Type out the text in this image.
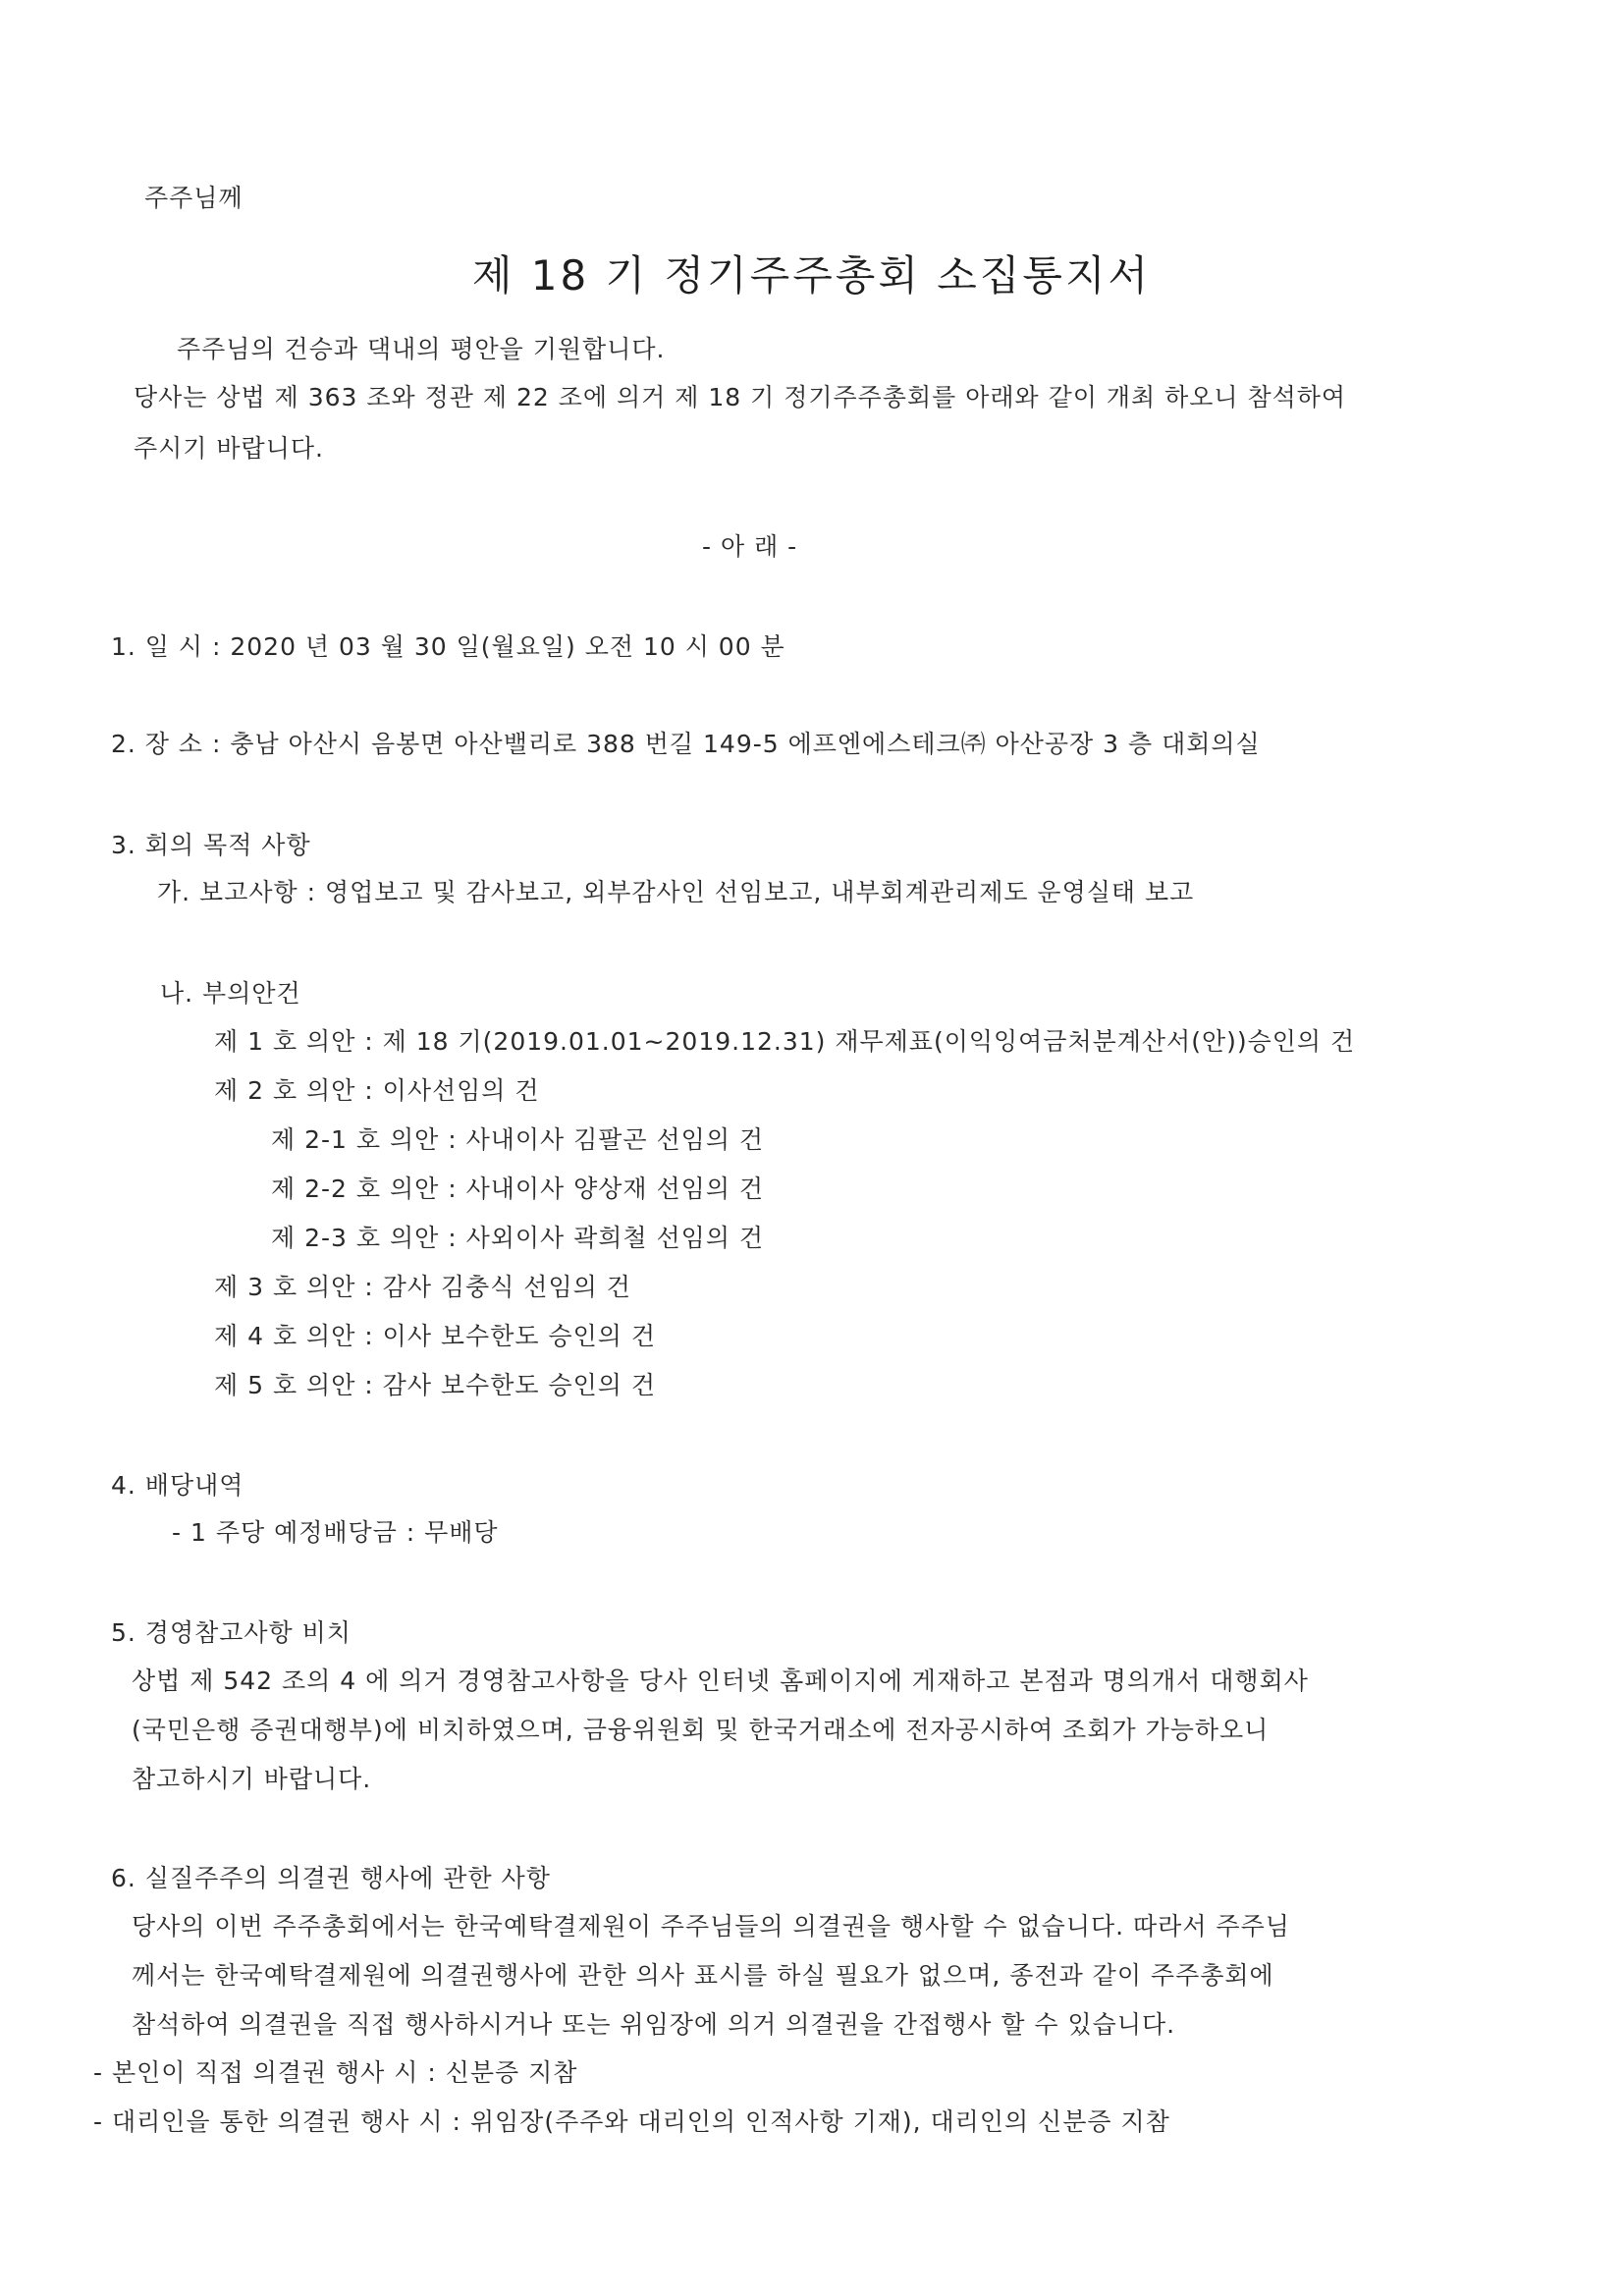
주주님께
제 18 기 정기주주총회 소집통지서
주주님의 건승과 댁내의 평안을 기원합니다.
당사는 상법 제 363 조와 정관 제 22 조에 의거 제 18 기 정기주주총회를 아래와 같이 개최 하오니 참석하여
주시기 바랍니다.
- 아 래 -
1. 일 시 : 2020 년 03 월 30 일(월요일) 오전 10 시 00 분
2. 장 소 : 충남 아산시 음봉면 아산밸리로 388 번길 149-5 에프엔에스테크㈜ 아산공장 3 층 대회의실
3. 회의 목적 사항
가. 보고사항 : 영업보고 및 감사보고, 외부감사인 선임보고, 내부회계관리제도 운영실태 보고
나. 부의안건
제 1 호 의안 : 제 18 기(2019.01.01~2019.12.31) 재무제표(이익잉여금처분계산서(안))승인의 건
제 2 호 의안 : 이사선임의 건
제 2-1 호 의안 : 사내이사 김팔곤 선임의 건
제 2-2 호 의안 : 사내이사 양상재 선임의 건
제 2-3 호 의안 : 사외이사 곽희철 선임의 건
제 3 호 의안 : 감사 김충식 선임의 건
제 4 호 의안 : 이사 보수한도 승인의 건
제 5 호 의안 : 감사 보수한도 승인의 건
4. 배당내역
- 1 주당 예정배당금 : 무배당
5. 경영참고사항 비치
상법 제 542 조의 4 에 의거 경영참고사항을 당사 인터넷 홈페이지에 게재하고 본점과 명의개서 대행회사
(국민은행 증권대행부)에 비치하였으며, 금융위원회 및 한국거래소에 전자공시하여 조회가 가능하오니
참고하시기 바랍니다.
6. 실질주주의 의결권 행사에 관한 사항
당사의 이번 주주총회에서는 한국예탁결제원이 주주님들의 의결권을 행사할 수 없습니다. 따라서 주주님
께서는 한국예탁결제원에 의결권행사에 관한 의사 표시를 하실 필요가 없으며, 종전과 같이 주주총회에
참석하여 의결권을 직접 행사하시거나 또는 위임장에 의거 의결권을 간접행사 할 수 있습니다.
- 본인이 직접 의결권 행사 시 : 신분증 지참
- 대리인을 통한 의결권 행사 시 : 위임장(주주와 대리인의 인적사항 기재), 대리인의 신분증 지참
